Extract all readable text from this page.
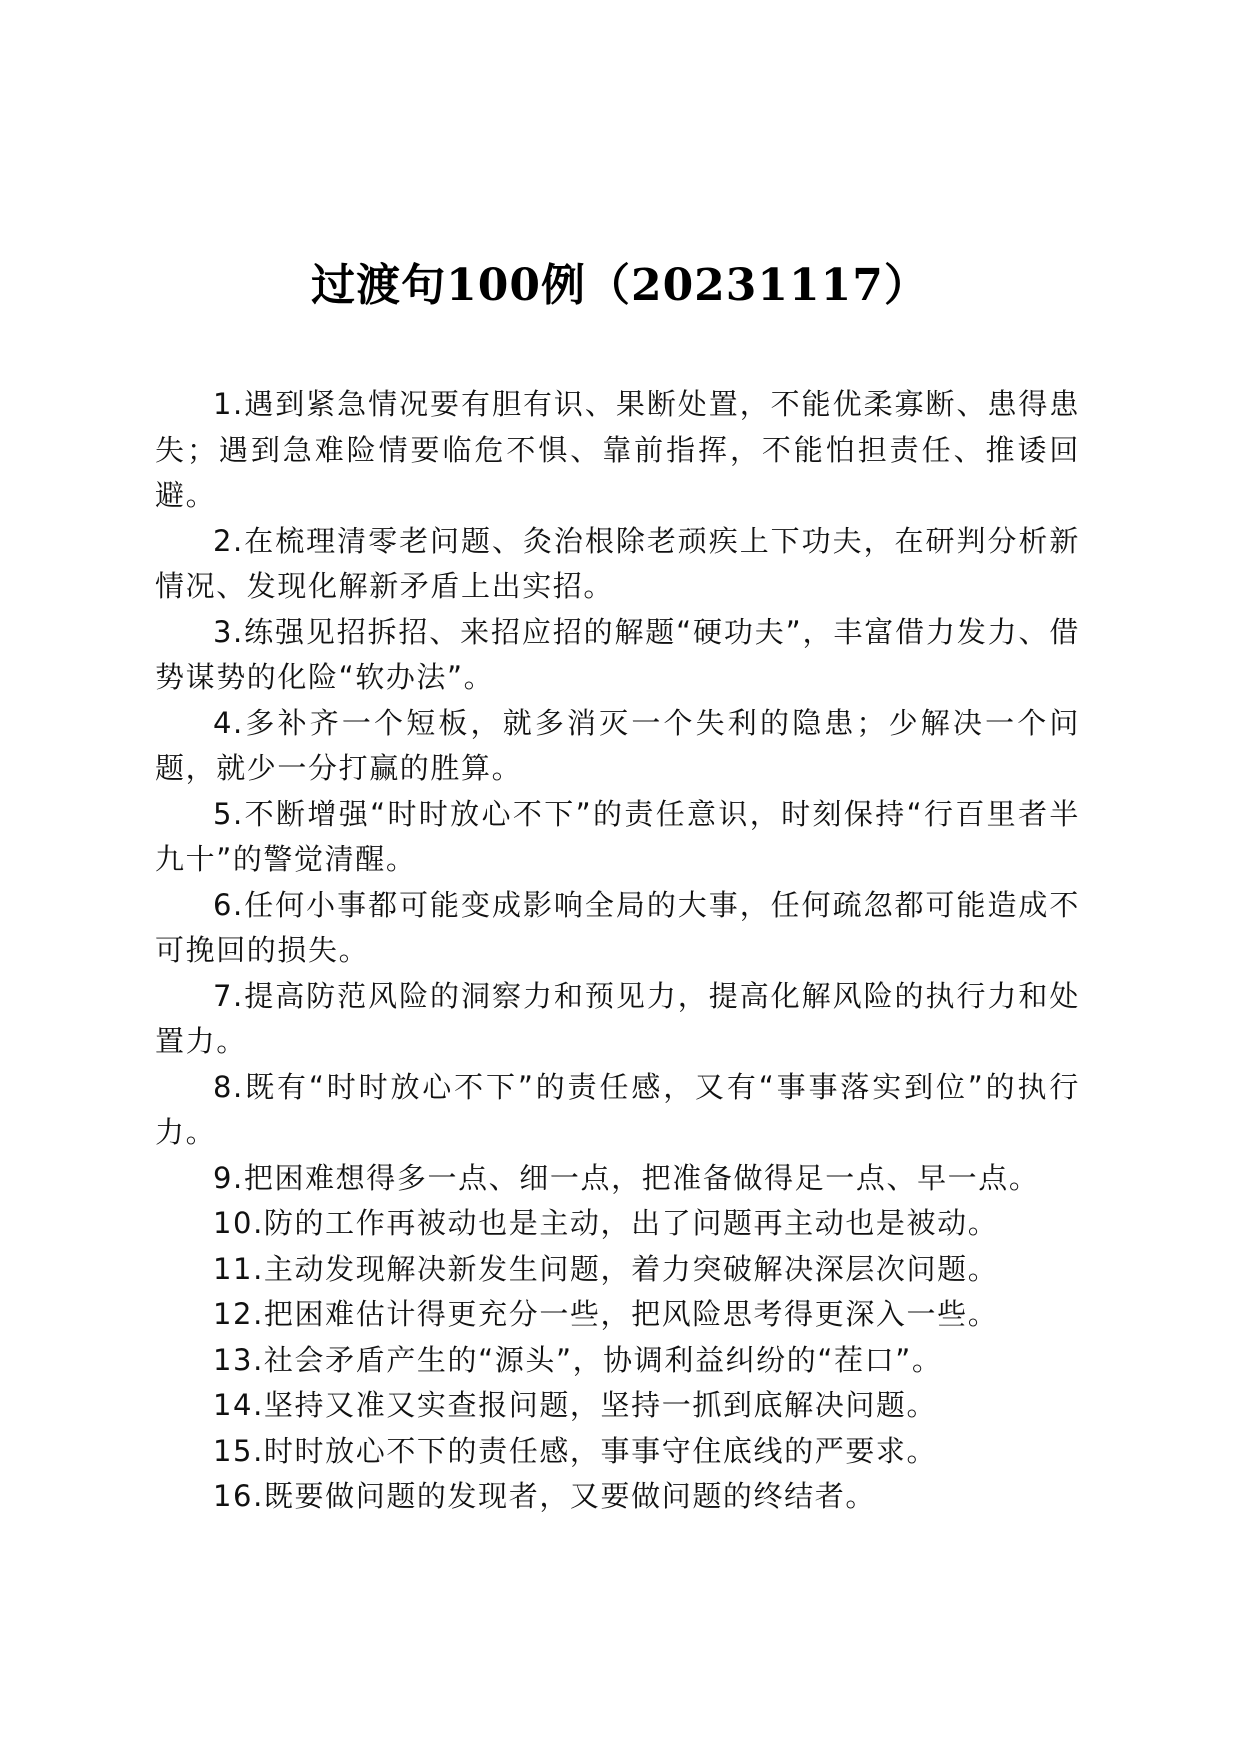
过渡句100例（20231117）

1.遇到紧急情况要有胆有识、果断处置，不能优柔寡断、患得患失；遇到急难险情要临危不惧、靠前指挥，不能怕担责任、推诿回避。

2.在梳理清零老问题、灸治根除老顽疾上下功夫，在研判分析新情况、发现化解新矛盾上出实招。

3.练强见招拆招、来招应招的解题“硬功夫”，丰富借力发力、借势谋势的化险“软办法”。

4.多补齐一个短板，就多消灭一个失利的隐患；少解决一个问题，就少一分打赢的胜算。

5.不断增强“时时放心不下”的责任意识，时刻保持“行百里者半九十”的警觉清醒。

6.任何小事都可能变成影响全局的大事，任何疏忽都可能造成不可挽回的损失。

7.提高防范风险的洞察力和预见力，提高化解风险的执行力和处置力。

8.既有“时时放心不下”的责任感，又有“事事落实到位”的执行力。

9.把困难想得多一点、细一点，把准备做得足一点、早一点。

10.防的工作再被动也是主动，出了问题再主动也是被动。

11.主动发现解决新发生问题，着力突破解决深层次问题。

12.把困难估计得更充分一些，把风险思考得更深入一些。

13.社会矛盾产生的“源头”，协调利益纠纷的“茬口”。

14.坚持又准又实查报问题，坚持一抓到底解决问题。

15.时时放心不下的责任感，事事守住底线的严要求。

16.既要做问题的发现者，又要做问题的终结者。
